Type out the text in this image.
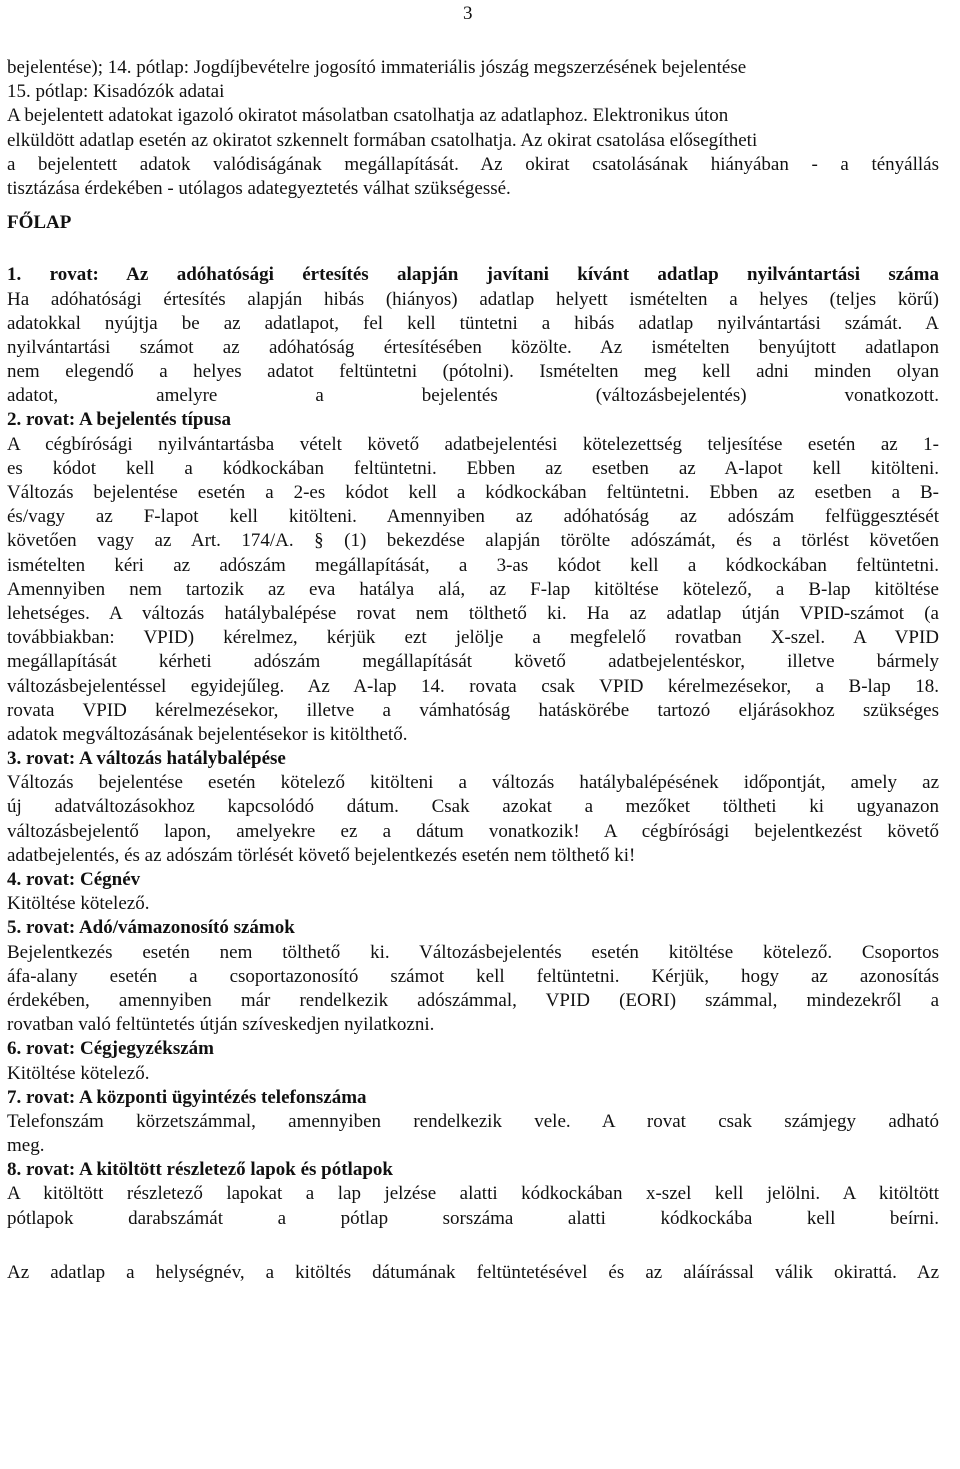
3
bejelentése); 14. pótlap: Jogdíjbevételre jogosító immateriális jószág megszerzésének bejelentése
15. pótlap: Kisadózók adatai
A bejelentett adatokat igazoló okiratot másolatban csatolhatja az adatlaphoz. Elektronikus úton
elküldött adatlap esetén az okiratot szkennelt formában csatolhatja. Az okirat csatolása elősegítheti
a bejelentett adatok valódiságának megállapítását. Az okirat csatolásának hiányában - a tényállás
tisztázása érdekében - utólagos adategyeztetés válhat szükségessé.
FŐLAP
1. rovat: Az adóhatósági értesítés alapján javítani kívánt adatlap nyilvántartási száma
Ha adóhatósági értesítés alapján hibás (hiányos) adatlap helyett ismételten a helyes (teljes körű)
adatokkal nyújtja be az adatlapot, fel kell tüntetni a hibás adatlap nyilvántartási számát. A
nyilvántartási számot az adóhatóság értesítésében közölte. Az ismételten benyújtott adatlapon
nem elegendő a helyes adatot feltüntetni (pótolni). Ismételten meg kell adni minden olyan
adatot, amelyre a bejelentés (változásbejelentés) vonatkozott.
2. rovat: A bejelentés típusa
A cégbírósági nyilvántartásba vételt követő adatbejelentési kötelezettség teljesítése esetén az 1-
es kódot kell a kódkockában feltüntetni. Ebben az esetben az A-lapot kell kitölteni.
Változás bejelentése esetén a 2-es kódot kell a kódkockában feltüntetni. Ebben az esetben a B-
és/vagy az F-lapot kell kitölteni. Amennyiben az adóhatóság az adószám felfüggesztését
követően vagy az Art. 174/A. § (1) bekezdése alapján törölte adószámát, és a törlést követően
ismételten kéri az adószám megállapítását, a 3-as kódot kell a kódkockában feltüntetni.
Amennyiben nem tartozik az eva hatálya alá, az F-lap kitöltése kötelező, a B-lap kitöltése
lehetséges. A változás hatálybalépése rovat nem tölthető ki. Ha az adatlap útján VPID-számot (a
továbbiakban: VPID) kérelmez, kérjük ezt jelölje a megfelelő rovatban X-szel. A VPID
megállapítását kérheti adószám megállapítását követő adatbejelentéskor, illetve bármely
változásbejelentéssel egyidejűleg. Az A-lap 14. rovata csak VPID kérelmezésekor, a B-lap 18.
rovata VPID kérelmezésekor, illetve a vámhatóság hatáskörébe tartozó eljárásokhoz szükséges
adatok megváltozásának bejelentésekor is kitölthető.
3. rovat: A változás hatálybalépése
Változás bejelentése esetén kötelező kitölteni a változás hatálybalépésének időpontját, amely az
új adatváltozásokhoz kapcsolódó dátum. Csak azokat a mezőket töltheti ki ugyanazon
változásbejelentő lapon, amelyekre ez a dátum vonatkozik! A cégbírósági bejelentkezést követő
adatbejelentés, és az adószám törlését követő bejelentkezés esetén nem tölthető ki!
4. rovat: Cégnév
Kitöltése kötelező.
5. rovat: Adó/vámazonosító számok
Bejelentkezés esetén nem tölthető ki. Változásbejelentés esetén kitöltése kötelező. Csoportos
áfa-alany esetén a csoportazonosító számot kell feltüntetni. Kérjük, hogy az azonosítás
érdekében, amennyiben már rendelkezik adószámmal, VPID (EORI) számmal, mindezekről a
rovatban való feltüntetés útján szíveskedjen nyilatkozni.
6. rovat: Cégjegyzékszám
Kitöltése kötelező.
7. rovat: A központi ügyintézés telefonszáma
Telefonszám körzetszámmal, amennyiben rendelkezik vele. A rovat csak számjegy adható
meg.
8. rovat: A kitöltött részletező lapok és pótlapok
A kitöltött részletező lapokat a lap jelzése alatti kódkockában x-szel kell jelölni. A kitöltött
pótlapok darabszámát a pótlap sorszáma alatti kódkockába kell beírni.
Az adatlap a helységnév, a kitöltés dátumának feltüntetésével és az aláírással válik okirattá. Az
